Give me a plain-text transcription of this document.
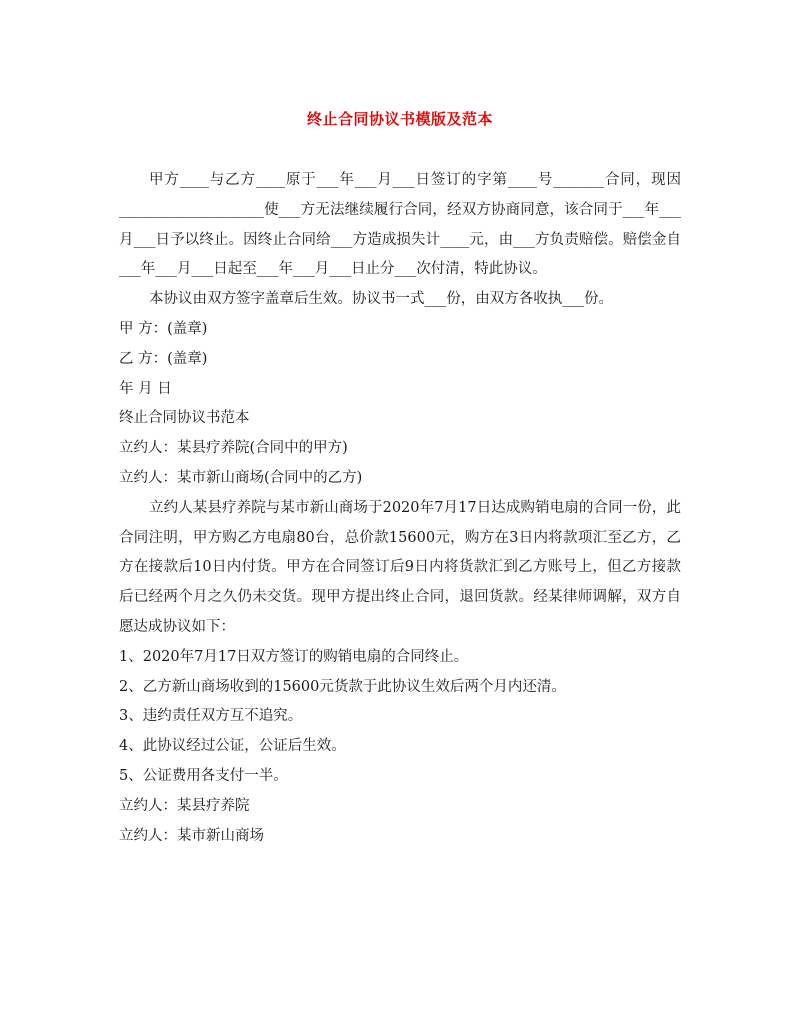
终止合同协议书模版及范本

甲方____与乙方____原于___年___月___日签订的字第____号_______合同，现因____________________使___方无法继续履行合同，经双方协商同意，该合同于___年___月___日予以终止。因终止合同给___方造成损失计____元，由___方负责赔偿。赔偿金自___年___月___日起至___年___月___日止分___次付清，特此协议。

本协议由双方签字盖章后生效。协议书一式___份，由双方各收执___份。

甲 方：(盖章)

乙 方：(盖章)

年 月 日

终止合同协议书范本

立约人：某县疗养院(合同中的甲方)

立约人：某市新山商场(合同中的乙方)

立约人某县疗养院与某市新山商场于2020年7月17日达成购销电扇的合同一份，此合同注明，甲方购乙方电扇80台，总价款15600元，购方在3日内将款项汇至乙方，乙方在接款后10日内付货。甲方在合同签订后9日内将货款汇到乙方账号上，但乙方接款后已经两个月之久仍未交货。现甲方提出终止合同，退回货款。经某律师调解，双方自愿达成协议如下：

1、2020年7月17日双方签订的购销电扇的合同终止。

2、乙方新山商场收到的15600元货款于此协议生效后两个月内还清。

3、违约责任双方互不追究。

4、此协议经过公证，公证后生效。

5、公证费用各支付一半。

立约人：某县疗养院

立约人：某市新山商场
